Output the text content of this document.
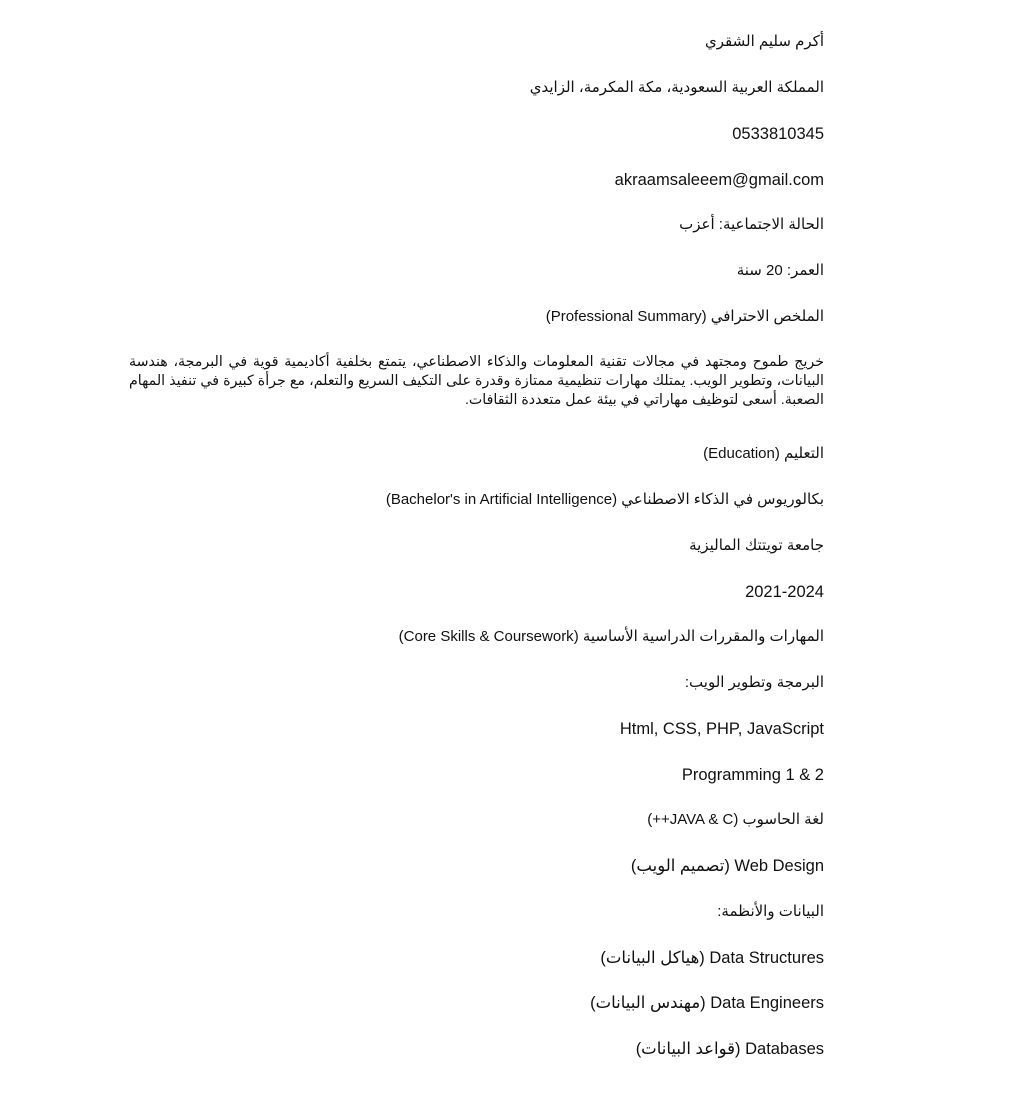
أكرم سليم الشقري
المملكة العربية السعودية، مكة المكرمة، الزايدي
0533810345
akraamsaleeem@gmail.com
الحالة الاجتماعية: أعزب
العمر: 20 سنة
الملخص الاحترافي (Professional Summary)
خريج طموح ومجتهد في مجالات تقنية المعلومات والذكاء الاصطناعي، يتمتع بخلفية أكاديمية قوية في البرمجة، هندسة البيانات، وتطوير الويب. يمتلك مهارات تنظيمية ممتازة وقدرة على التكيف السريع والتعلم، مع جرأة كبيرة في تنفيذ المهام الصعبة. أسعى لتوظيف مهاراتي في بيئة عمل متعددة الثقافات.
التعليم (Education)
بكالوريوس في الذكاء الاصطناعي (Bachelor's in Artificial Intelligence)
جامعة تويتتك الماليزية
2021-2024
المهارات والمقررات الدراسية الأساسية (Core Skills & Coursework)
البرمجة وتطوير الويب:
Html, CSS, PHP, JavaScript
Programming 1 & 2
لغة الحاسوب (JAVA & C++)
Web Design (تصميم الويب)
البيانات والأنظمة:
Data Structures (هياكل البيانات)
Data Engineers (مهندس البيانات)
Databases (قواعد البيانات)
